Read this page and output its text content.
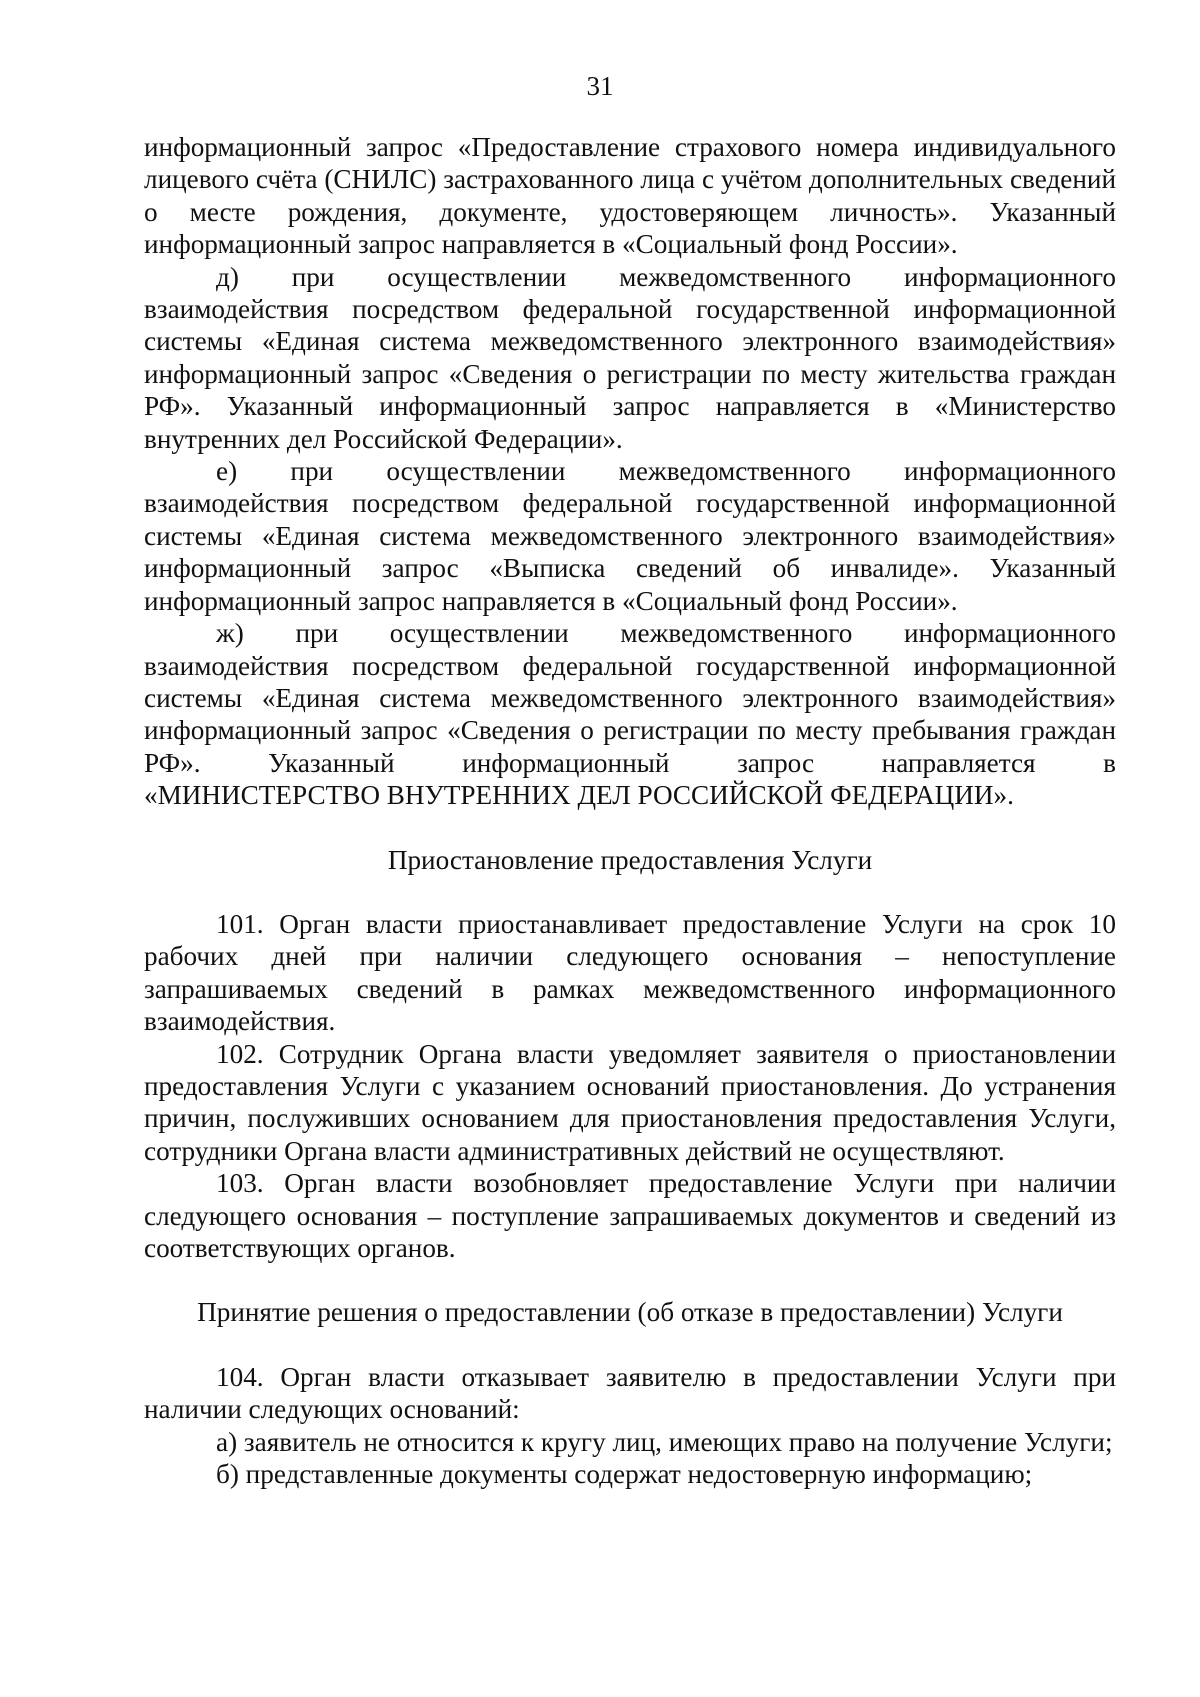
31

информационный запрос «Предоставление страхового номера индивидуального лицевого счёта (СНИЛС) застрахованного лица с учётом дополнительных сведений о месте рождения, документе, удостоверяющем личность». Указанный информационный запрос направляется в «Социальный фонд России».

д) при осуществлении межведомственного информационного взаимодействия посредством федеральной государственной информационной системы «Единая система межведомственного электронного взаимодействия» информационный запрос «Сведения о регистрации по месту жительства граждан РФ». Указанный информационный запрос направляется в «Министерство внутренних дел Российской Федерации».

е) при осуществлении межведомственного информационного взаимодействия посредством федеральной государственной информационной системы «Единая система межведомственного электронного взаимодействия» информационный запрос «Выписка сведений об инвалиде». Указанный информационный запрос направляется в «Социальный фонд России».

ж) при осуществлении межведомственного информационного взаимодействия посредством федеральной государственной информационной системы «Единая система межведомственного электронного взаимодействия» информационный запрос «Сведения о регистрации по месту пребывания граждан РФ». Указанный информационный запрос направляется в

«МИНИСТЕРСТВО ВНУТРЕННИХ ДЕЛ РОССИЙСКОЙ ФЕДЕРАЦИИ».

Приостановление предоставления Услуги

101. Орган власти приостанавливает предоставление Услуги на срок 10 рабочих дней при наличии следующего основания – непоступление запрашиваемых сведений в рамках межведомственного информационного взаимодействия.

102. Сотрудник Органа власти уведомляет заявителя о приостановлении предоставления Услуги с указанием оснований приостановления. До устранения причин, послуживших основанием для приостановления предоставления Услуги, сотрудники Органа власти административных действий не осуществляют.

103. Орган власти возобновляет предоставление Услуги при наличии следующего основания – поступление запрашиваемых документов и сведений из соответствующих органов.

Принятие решения о предоставлении (об отказе в предоставлении) Услуги

104. Орган власти отказывает заявителю в предоставлении Услуги при наличии следующих оснований:

а) заявитель не относится к кругу лиц, имеющих право на получение Услуги;

б) представленные документы содержат недостоверную информацию;
